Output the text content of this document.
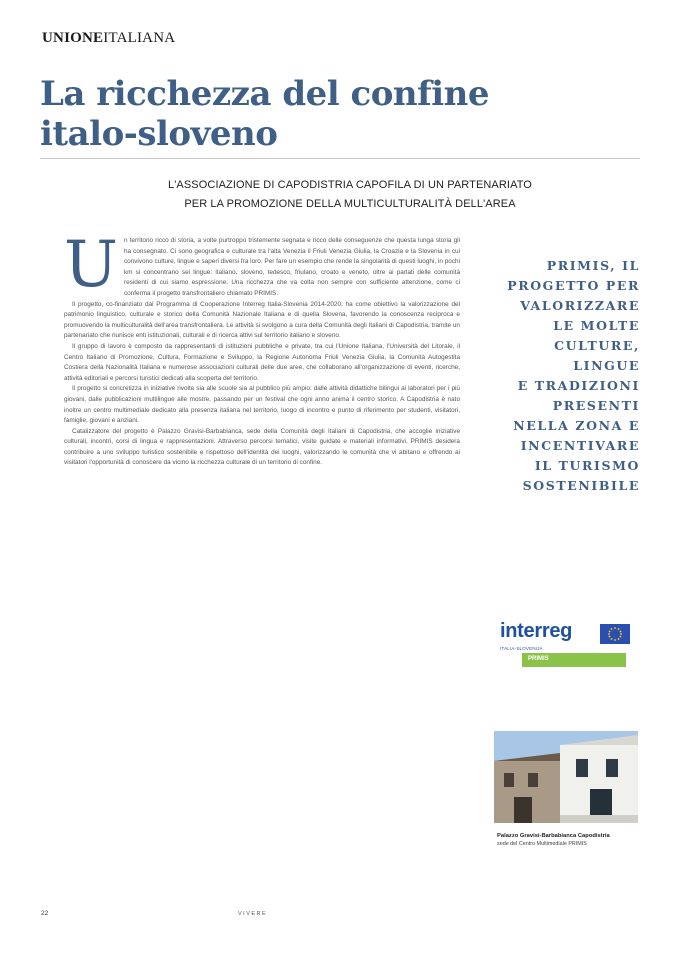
UNIONEITALIANA
La ricchezza del confine
italo-sloveno
L'ASSOCIAZIONE DI CAPODISTRIA CAPOFILA DI UN PARTENARIATO
PER LA PROMOZIONE DELLA MULTICULTURALITÀ DELL'AREA

Un territorio ricco di storia, a volte purtroppo tristemente segnata e ricco delle conseguenze che questa lunga storia gli ha consegnato. Ci sono geografica e culturale tra l'alta Venezia il Friuli Venezia Giulia, la Croazia e la Slovenia in cui convivono culture, lingue e saperi diversi fra loro. Per fare un esempio che rende la singolarità di questi luoghi, in pochi km si concentrano sei lingue: italiano, sloveno, tedesco, friulano, croato e veneto, oltre ai parlati delle comunità residenti di cui siamo espressione. Una ricchezza che va colta non sempre con sufficiente attenzione, come ci conferma il progetto transfrontaliero chiamato PRIMIS.

Il progetto, co-finanziato dal Programma di Cooperazione Interreg Italia-Slovenia 2014-2020, ha come obiettivo la valorizzazione del patrimonio linguistico, culturale e storico della Comunità Nazionale Italiana e di quella Slovena, favorendo la conoscenza reciproca e promuovendo la multiculturalità dell'area transfrontaliera. Le attività si svolgono a cura della Comunità degli Italiani di Capodistria, tramite un partenariato che riunisce enti istituzionali, culturali e di ricerca attivi sul territorio italiano e sloveno.

Il gruppo di lavoro è composto da rappresentanti di istituzioni pubbliche e private, tra cui l'Unione Italiana, l'Università del Litorale, il Centro Italiano di Promozione, Cultura, Formazione e Sviluppo, la Regione Autonoma Friuli Venezia Giulia, la Comunità Autogestita Costiera della Nazionalità Italiana e numerose associazioni culturali delle due aree, che collaborano all'organizzazione di eventi, ricerche, attività editoriali e percorsi turistici dedicati alla scoperta del territorio.

Il progetto si concretizza in iniziative rivolte sia alle scuole sia al pubblico più ampio: dalle attività didattiche bilingui ai laboratori per i più giovani, dalle pubblicazioni multilingue alle mostre, passando per un festival che ogni anno anima il centro storico. A Capodistria è nato inoltre un centro multimediale dedicato alla presenza italiana nel territorio, luogo di incontro e punto di riferimento per studenti, visitatori, famiglie, giovani e anziani.

Catalizzatore del progetto è Palazzo Gravisi-Barbabianca, sede della Comunità degli Italiani di Capodistria, che accoglie iniziative culturali, incontri, corsi di lingua e rappresentazioni. Attraverso percorsi tematici, visite guidate e materiali informativi, PRIMIS desidera contribuire a uno sviluppo turistico sostenibile e rispettoso dell'identità dei luoghi, valorizzando le comunità che vi abitano e offrendo ai visitatori l'opportunità di conoscere da vicino la ricchezza culturale di un territorio di confine.

PRIMIS, IL
PROGETTO PER
VALORIZZARE
LE MOLTE
CULTURE, LINGUE
E TRADIZIONI
PRESENTI
NELLA ZONA E
INCENTIVARE
IL TURISMO
SOSTENIBILE
interreg
ITALIA-SLOVENIJA
PRIMIS
Palazzo Gravisi-Barbabianca Capodistria
sede del Centro Multimediale PRIMIS
22	VIVERE
